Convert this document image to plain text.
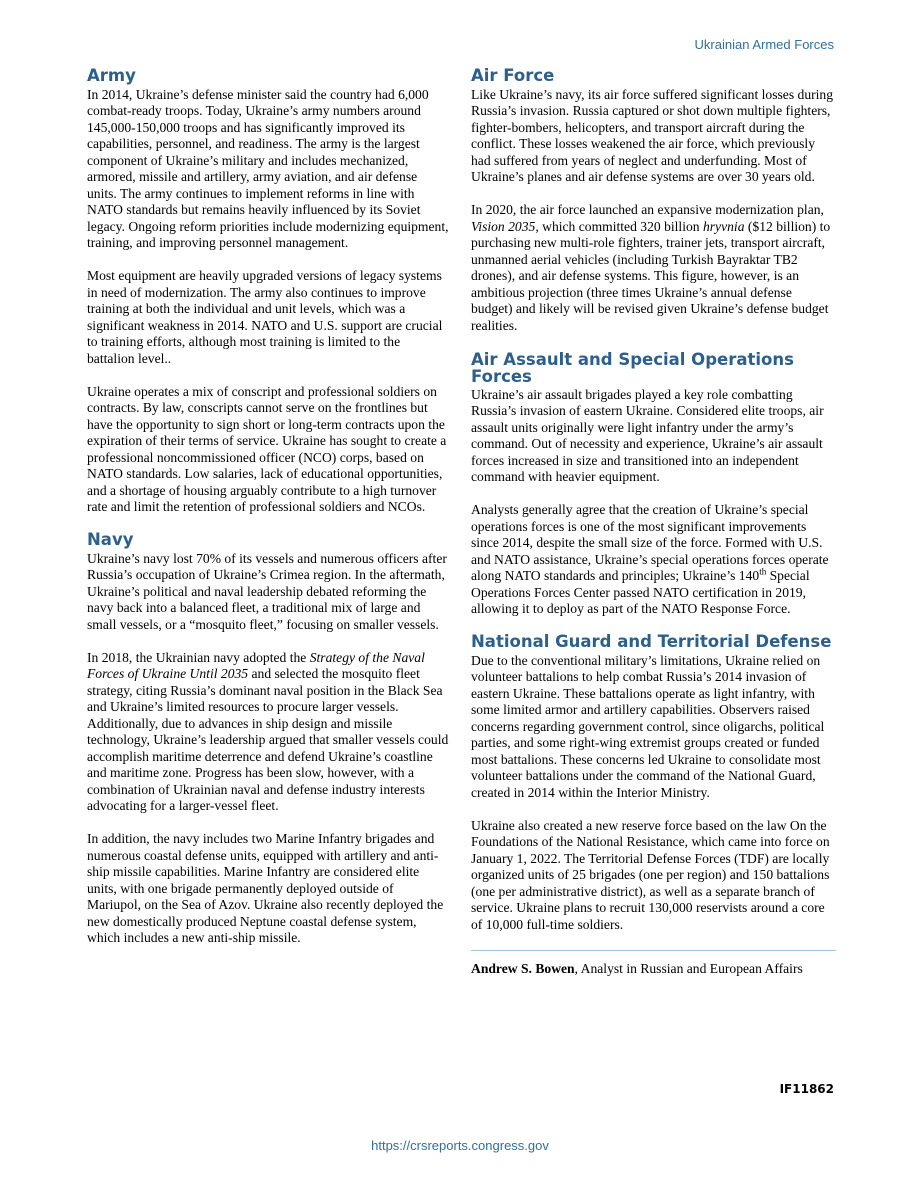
Ukrainian Armed Forces
Army

In 2014, Ukraine’s defense minister said the country had 6,000 combat-ready troops. Today, Ukraine’s army numbers around 145,000-150,000 troops and has significantly improved its capabilities, personnel, and readiness. The army is the largest component of Ukraine’s military and includes mechanized, armored, missile and artillery, army aviation, and air defense units. The army continues to implement reforms in line with NATO standards but remains heavily influenced by its Soviet legacy. Ongoing reform priorities include modernizing equipment, training, and improving personnel management.

Most equipment are heavily upgraded versions of legacy systems in need of modernization. The army also continues to improve training at both the individual and unit levels, which was a significant weakness in 2014. NATO and U.S. support are crucial to training efforts, although most training is limited to the battalion level..

Ukraine operates a mix of conscript and professional soldiers on contracts. By law, conscripts cannot serve on the frontlines but have the opportunity to sign short or long-term contracts upon the expiration of their terms of service. Ukraine has sought to create a professional noncommissioned officer (NCO) corps, based on NATO standards. Low salaries, lack of educational opportunities, and a shortage of housing arguably contribute to a high turnover rate and limit the retention of professional soldiers and NCOs.

Navy

Ukraine’s navy lost 70% of its vessels and numerous officers after Russia’s occupation of Ukraine’s Crimea region. In the aftermath, Ukraine’s political and naval leadership debated reforming the navy back into a balanced fleet, a traditional mix of large and small vessels, or a “mosquito fleet,” focusing on smaller vessels.

In 2018, the Ukrainian navy adopted the Strategy of the Naval Forces of Ukraine Until 2035 and selected the mosquito fleet strategy, citing Russia’s dominant naval position in the Black Sea and Ukraine’s limited resources to procure larger vessels. Additionally, due to advances in ship design and missile technology, Ukraine’s leadership argued that smaller vessels could accomplish maritime deterrence and defend Ukraine’s coastline and maritime zone. Progress has been slow, however, with a combination of Ukrainian naval and defense industry interests advocating for a larger-vessel fleet.

In addition, the navy includes two Marine Infantry brigades and numerous coastal defense units, equipped with artillery and anti-ship missile capabilities. Marine Infantry are considered elite units, with one brigade permanently deployed outside of Mariupol, on the Sea of Azov. Ukraine also recently deployed the new domestically produced Neptune coastal defense system, which includes a new anti-ship missile.

Air Force

Like Ukraine’s navy, its air force suffered significant losses during Russia’s invasion. Russia captured or shot down multiple fighters, fighter-bombers, helicopters, and transport aircraft during the conflict. These losses weakened the air force, which previously had suffered from years of neglect and underfunding. Most of Ukraine’s planes and air defense systems are over 30 years old.

In 2020, the air force launched an expansive modernization plan, Vision 2035, which committed 320 billion hryvnia ($12 billion) to purchasing new multi-role fighters, trainer jets, transport aircraft, unmanned aerial vehicles (including Turkish Bayraktar TB2 drones), and air defense systems. This figure, however, is an ambitious projection (three times Ukraine’s annual defense budget) and likely will be revised given Ukraine’s defense budget realities.

Air Assault and Special Operations Forces

Ukraine’s air assault brigades played a key role combatting Russia’s invasion of eastern Ukraine. Considered elite troops, air assault units originally were light infantry under the army’s command. Out of necessity and experience, Ukraine’s air assault forces increased in size and transitioned into an independent command with heavier equipment.

Analysts generally agree that the creation of Ukraine’s special operations forces is one of the most significant improvements since 2014, despite the small size of the force. Formed with U.S. and NATO assistance, Ukraine’s special operations forces operate along NATO standards and principles; Ukraine’s 140th Special Operations Forces Center passed NATO certification in 2019, allowing it to deploy as part of the NATO Response Force.

National Guard and Territorial Defense

Due to the conventional military’s limitations, Ukraine relied on volunteer battalions to help combat Russia’s 2014 invasion of eastern Ukraine. These battalions operate as light infantry, with some limited armor and artillery capabilities. Observers raised concerns regarding government control, since oligarchs, political parties, and some right-wing extremist groups created or funded most battalions. These concerns led Ukraine to consolidate most volunteer battalions under the command of the National Guard, created in 2014 within the Interior Ministry.

Ukraine also created a new reserve force based on the law On the Foundations of the National Resistance, which came into force on January 1, 2022. The Territorial Defense Forces (TDF) are locally organized units of 25 brigades (one per region) and 150 battalions (one per administrative district), as well as a separate branch of service. Ukraine plans to recruit 130,000 reservists around a core of 10,000 full-time soldiers.

Andrew S. Bowen, Analyst in Russian and European Affairs
IF11862
https://crsreports.congress.gov
